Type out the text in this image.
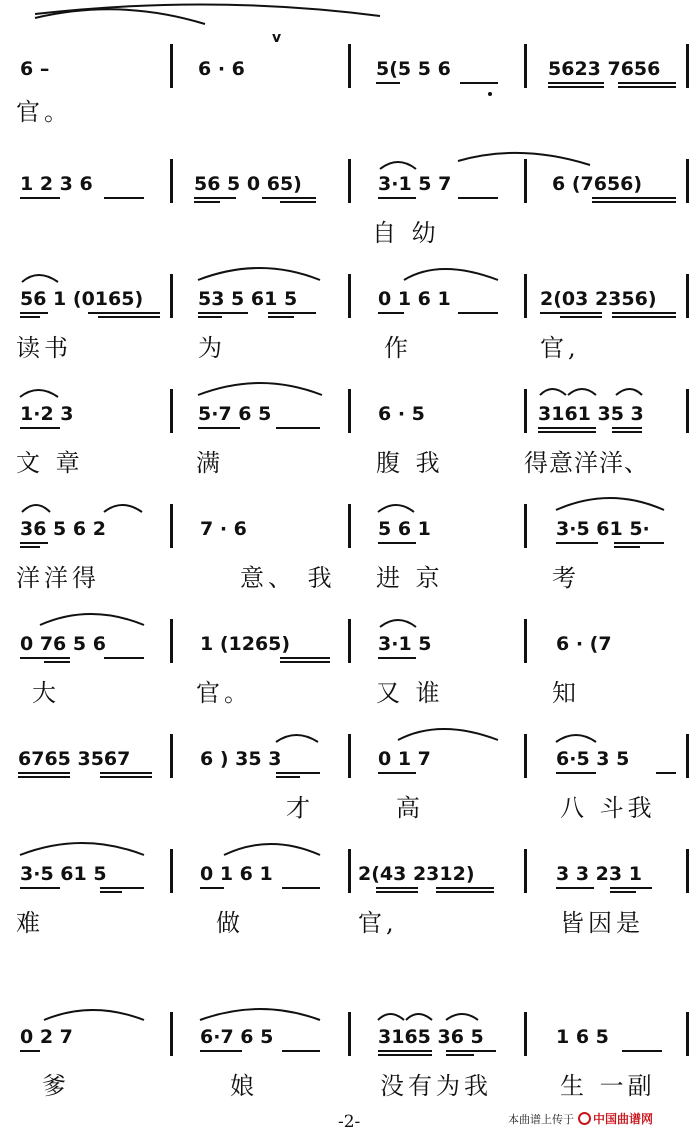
v
6 –	6 · 6	5(5 5 6	5623 7656
官。
1 2 3 6	56 5 0 65)	3·1 5 7	6 (7656)
自 幼
56 1 (0165)	53 5 61 5	0 1 6 1	2(03 2356)
读书	为	作	官,
1·2 3	5·7 6 5	6 · 5	3161 35 3
文 章	满	腹 我	得意洋洋、
36 5 6 2	7 · 6	5 6 1	3·5 61 5·
洋洋得	意、 我 进 京	考
0 76 5 6	1 (1265)	3·1 5	6 · (7
大	官。	又 谁	知
6765 3567	6 ) 35 3	0 1 7	6·5 3 5
才	高	八 斗我
3·5 61 5	0 1 6 1	2(43 2312)	3 3 23 1
难	做	官,	皆因是
0 2 7	6·7 6 5	3165 36 5	1 6 5
爹	娘	没有为我	生 一副
-2-	本曲谱上传于 中国曲谱网
